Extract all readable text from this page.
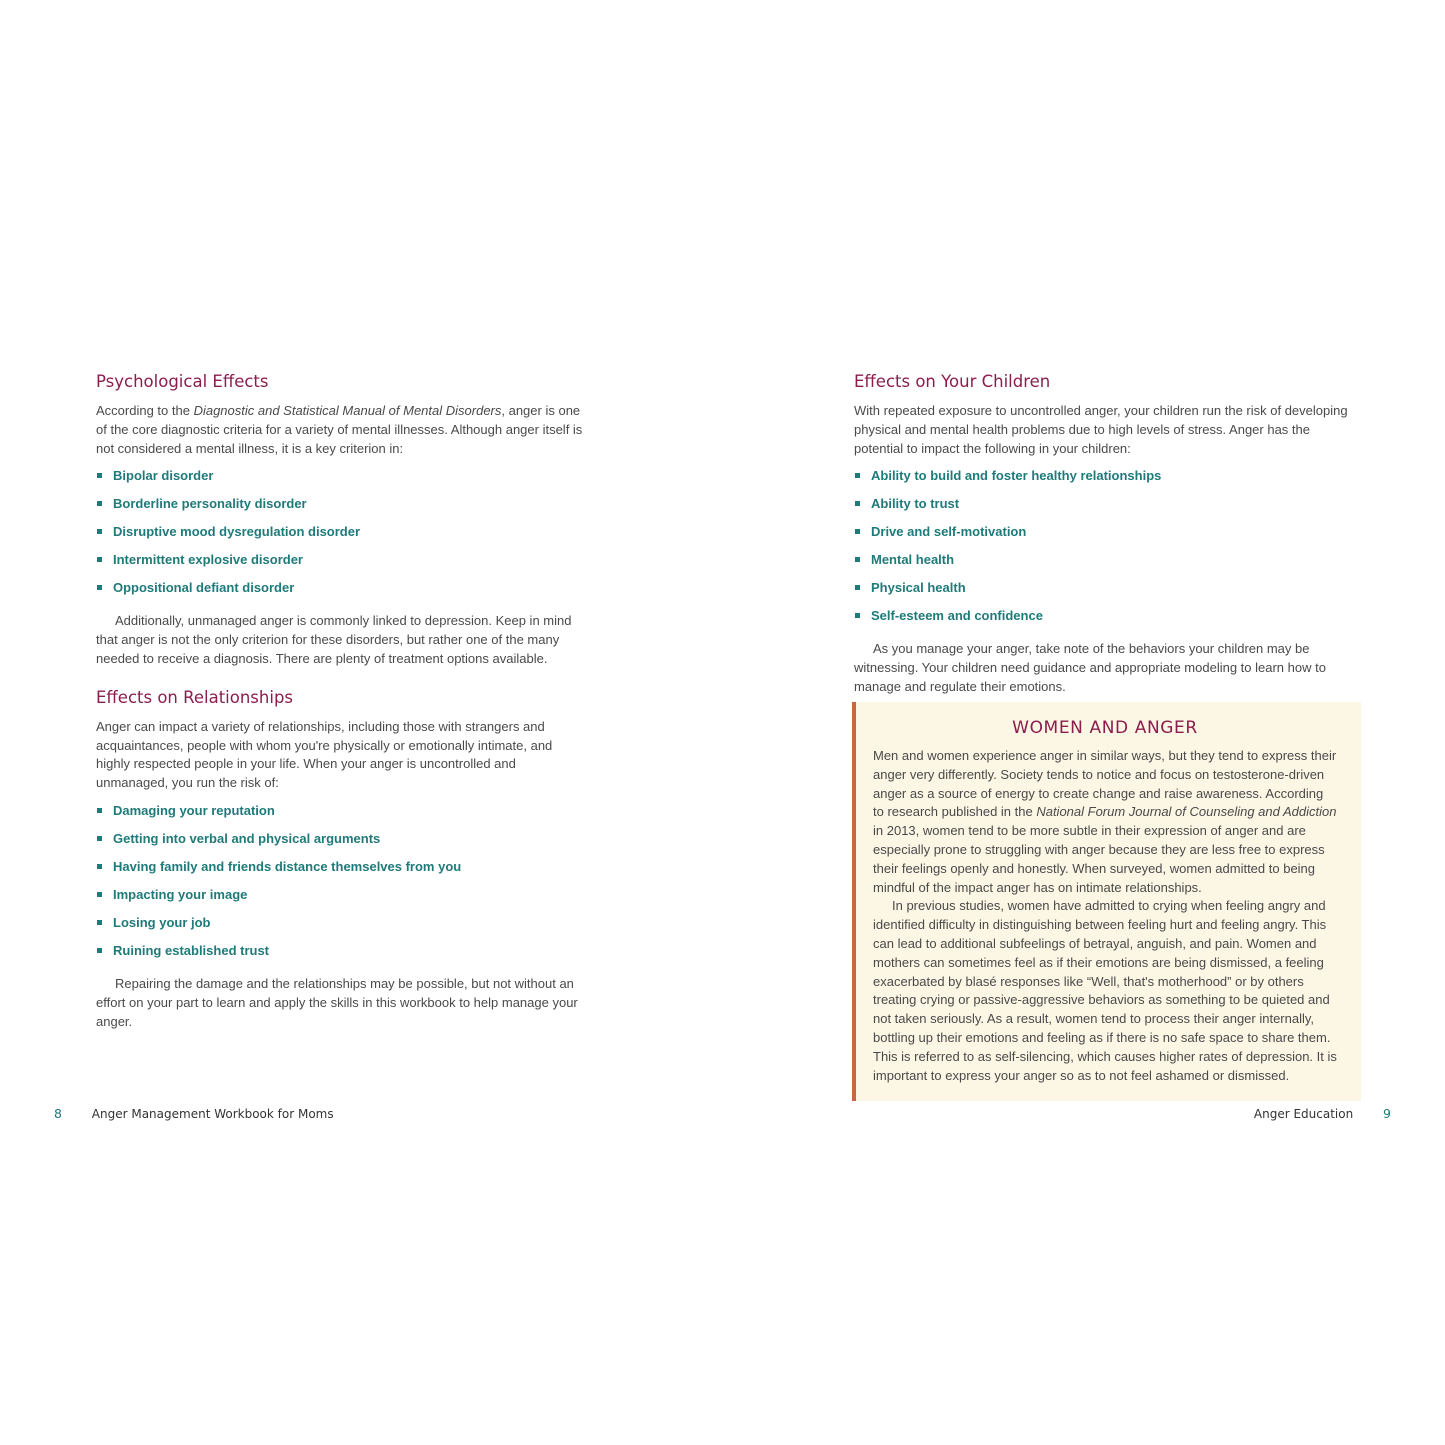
Psychological Effects

According to the Diagnostic and Statistical Manual of Mental Disorders, anger is one of the core diagnostic criteria for a variety of mental illnesses. Although anger itself is not considered a mental illness, it is a key criterion in:

Bipolar disorder
Borderline personality disorder
Disruptive mood dysregulation disorder
Intermittent explosive disorder
Oppositional defiant disorder

Additionally, unmanaged anger is commonly linked to depression. Keep in mind that anger is not the only criterion for these disorders, but rather one of the many needed to receive a diagnosis. There are plenty of treatment options available.

Effects on Relationships

Anger can impact a variety of relationships, including those with strangers and acquaintances, people with whom you're physically or emotionally intimate, and highly respected people in your life. When your anger is uncontrolled and unmanaged, you run the risk of:

Damaging your reputation
Getting into verbal and physical arguments
Having family and friends distance themselves from you
Impacting your image
Losing your job
Ruining established trust

Repairing the damage and the relationships may be possible, but not without an effort on your part to learn and apply the skills in this workbook to help manage your anger.

8 Anger Management Workbook for Moms
Effects on Your Children

With repeated exposure to uncontrolled anger, your children run the risk of developing physical and mental health problems due to high levels of stress. Anger has the potential to impact the following in your children:

Ability to build and foster healthy relationships
Ability to trust
Drive and self-motivation
Mental health
Physical health
Self-esteem and confidence

As you manage your anger, take note of the behaviors your children may be witnessing. Your children need guidance and appropriate modeling to learn how to manage and regulate their emotions.

WOMEN AND ANGER

Men and women experience anger in similar ways, but they tend to express their anger very differently. Society tends to notice and focus on testosterone-driven anger as a source of energy to create change and raise awareness. According to research published in the National Forum Journal of Counseling and Addiction in 2013, women tend to be more subtle in their expression of anger and are especially prone to struggling with anger because they are less free to express their feelings openly and honestly. When surveyed, women admitted to being mindful of the impact anger has on intimate relationships.

In previous studies, women have admitted to crying when feeling angry and identified difficulty in distinguishing between feeling hurt and feeling angry. This can lead to additional subfeelings of betrayal, anguish, and pain. Women and mothers can sometimes feel as if their emotions are being dismissed, a feeling exacerbated by blasé responses like “Well, that's motherhood” or by others treating crying or passive-aggressive behaviors as something to be quieted and not taken seriously. As a result, women tend to process their anger internally, bottling up their emotions and feeling as if there is no safe space to share them. This is referred to as self-silencing, which causes higher rates of depression. It is important to express your anger so as to not feel ashamed or dismissed.

Anger Education 9
